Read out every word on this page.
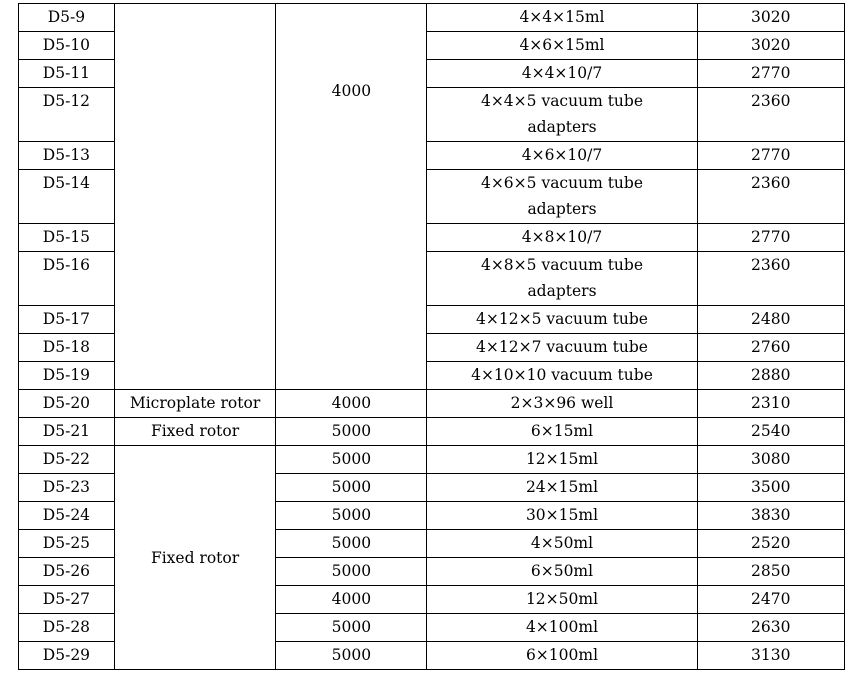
D5-9		4000	4×4×15ml	3020
D5-10			4×6×15ml	3020
D5-11			4×4×10/7	2770
D5-12			4×4×5 vacuum tube adapters	2360
D5-13			4×6×10/7	2770
D5-14			4×6×5 vacuum tube adapters	2360
D5-15			4×8×10/7	2770
D5-16			4×8×5 vacuum tube adapters	2360
D5-17			4×12×5 vacuum tube	2480
D5-18			4×12×7 vacuum tube	2760
D5-19			4×10×10 vacuum tube	2880
D5-20	Microplate rotor	4000	2×3×96 well	2310
D5-21	Fixed rotor	5000	6×15ml	2540
D5-22	Fixed rotor	5000	12×15ml	3080
D5-23		5000	24×15ml	3500
D5-24		5000	30×15ml	3830
D5-25		5000	4×50ml	2520
D5-26		5000	6×50ml	2850
D5-27		4000	12×50ml	2470
D5-28		5000	4×100ml	2630
D5-29		5000	6×100ml	3130
